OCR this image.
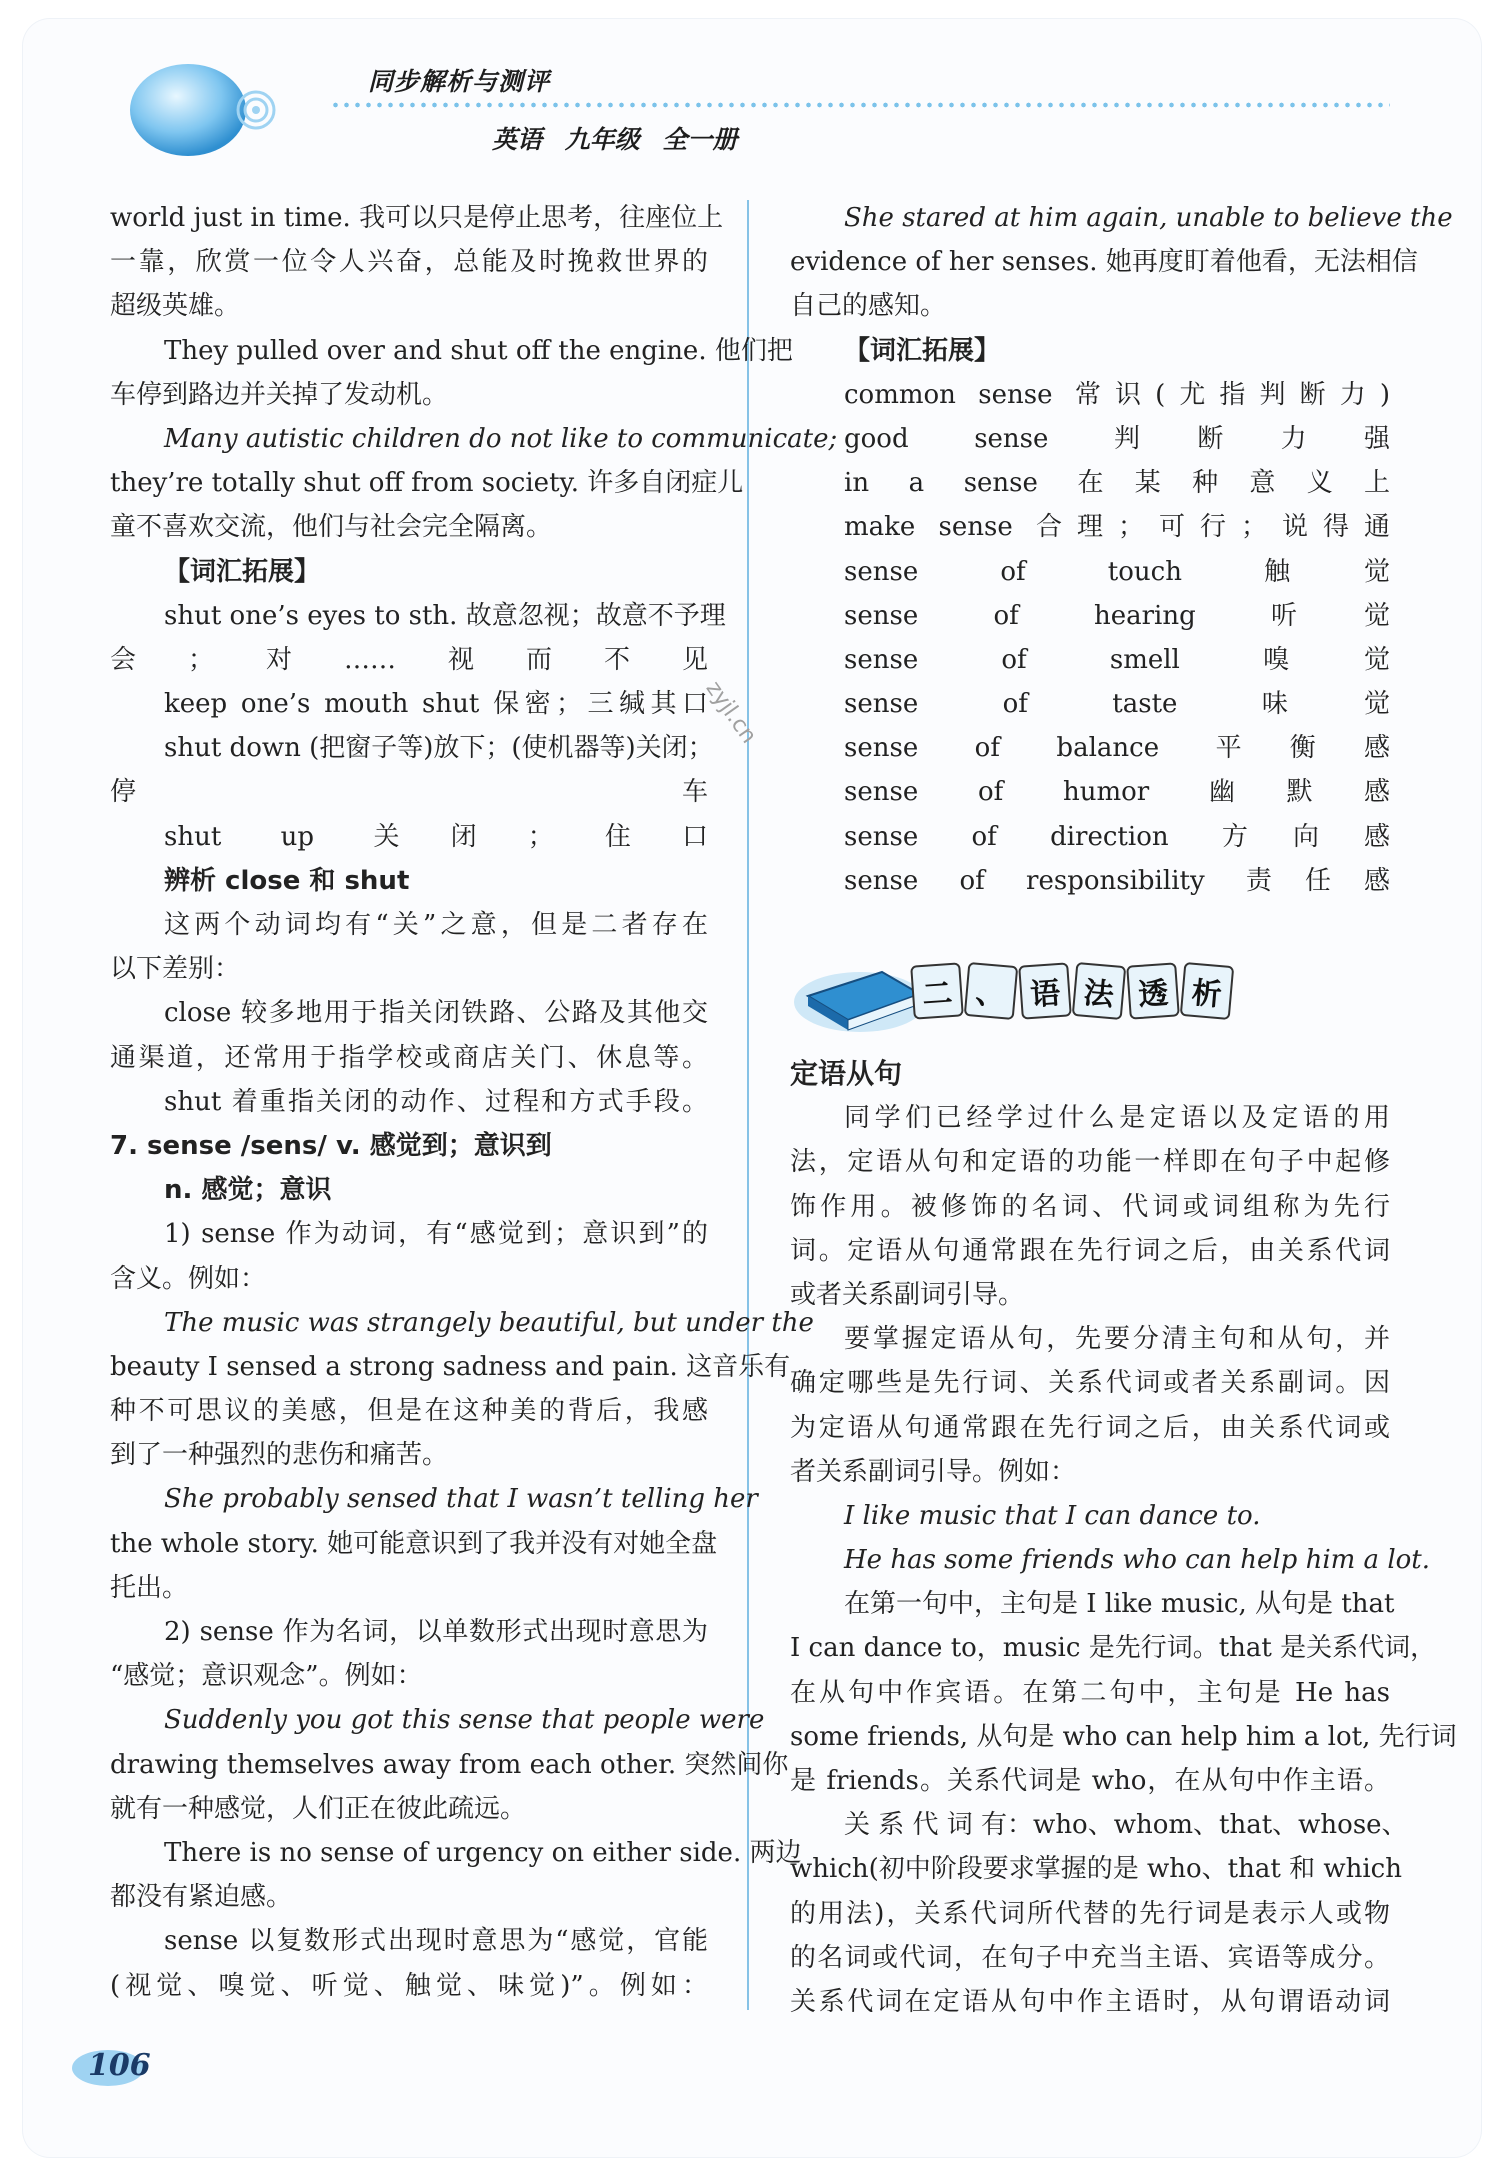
同步解析与测评
英语 九年级 全一册
world just in time. 我可以只是停止思考，往座位上
一靠，欣赏一位令人兴奋，总能及时挽救世界的
超级英雄。
They pulled over and shut off the engine. 他们把
车停到路边并关掉了发动机。
Many autistic children do not like to communicate;
they’re totally shut off from society. 许多自闭症儿
童不喜欢交流，他们与社会完全隔离。
【词汇拓展】
shut one’s eyes to sth. 故意忽视；故意不予理
会；对……视而不见
keep one’s mouth shut 保密；三缄其口
shut down (把窗子等)放下；(使机器等)关闭；
停车
shut up 关闭；住口
辨析 close 和 shut
这两个动词均有“关”之意，但是二者存在
以下差别：
close 较多地用于指关闭铁路、公路及其他交
通渠道，还常用于指学校或商店关门、休息等。
shut 着重指关闭的动作、过程和方式手段。
7. sense /sens/ v. 感觉到；意识到
n. 感觉；意识
1) sense 作为动词，有“感觉到；意识到”的
含义。例如：
The music was strangely beautiful, but under the
beauty I sensed a strong sadness and pain. 这音乐有
种不可思议的美感，但是在这种美的背后，我感
到了一种强烈的悲伤和痛苦。
She probably sensed that I wasn’t telling her
the whole story. 她可能意识到了我并没有对她全盘
托出。
2) sense 作为名词，以单数形式出现时意思为
“感觉；意识观念”。例如：
Suddenly you got this sense that people were
drawing themselves away from each other. 突然间你
就有一种感觉，人们正在彼此疏远。
There is no sense of urgency on either side. 两边
都没有紧迫感。
sense 以复数形式出现时意思为“感觉，官能
(视觉、嗅觉、听觉、触觉、味觉)”。例如：
She stared at him again, unable to believe the
evidence of her senses. 她再度盯着他看，无法相信
自己的感知。
【词汇拓展】
common sense 常识(尤指判断力)
good sense 判断力强
in a sense 在某种意义上
make sense 合理；可行；说得通
sense of touch 触觉
sense of hearing 听觉
sense of smell 嗅觉
sense of taste 味觉
sense of balance 平衡感
sense of humor 幽默感
sense of direction 方向感
sense of responsibility 责任感
二 、 语 法 透 析
定语从句
同学们已经学过什么是定语以及定语的用
法，定语从句和定语的功能一样即在句子中起修
饰作用。被修饰的名词、代词或词组称为先行
词。定语从句通常跟在先行词之后，由关系代词
或者关系副词引导。
要掌握定语从句，先要分清主句和从句，并
确定哪些是先行词、关系代词或者关系副词。因
为定语从句通常跟在先行词之后，由关系代词或
者关系副词引导。例如：
I like music that I can dance to.
He has some friends who can help him a lot.
在第一句中，主句是 I like music, 从句是 that
I can dance to，music 是先行词。that 是关系代词，
在从句中作宾语。在第二句中，主句是 He has
some friends, 从句是 who can help him a lot, 先行词
是 friends。关系代词是 who，在从句中作主语。
关 系 代 词 有：who、whom、that、whose、
which(初中阶段要求掌握的是 who、that 和 which
的用法)，关系代词所代替的先行词是表示人或物
的名词或代词，在句子中充当主语、宾语等成分。
关系代词在定语从句中作主语时，从句谓语动词
zyjl.cn
106
